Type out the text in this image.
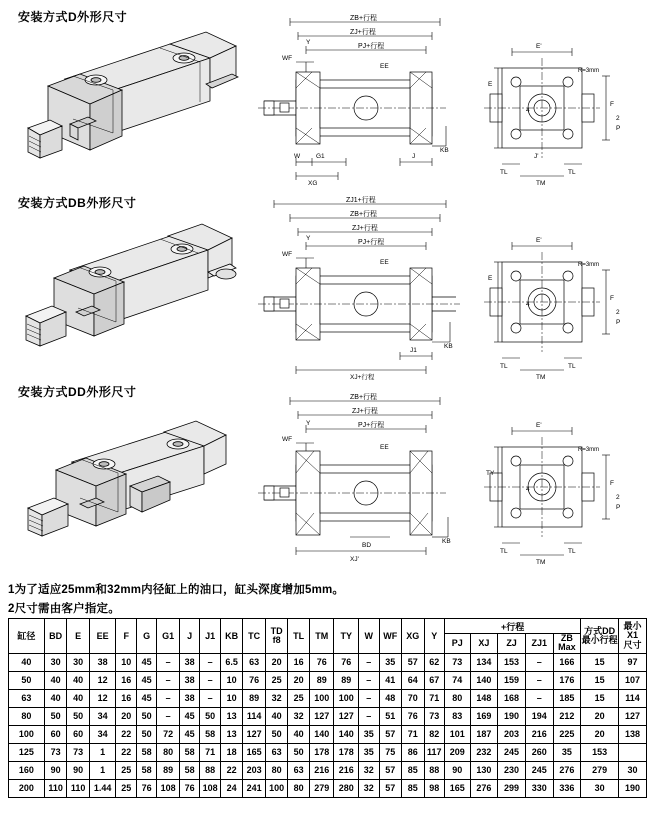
安装方式D外形尺寸
安装方式DB外形尺寸
安装方式DD外形尺寸
ZB+行程
ZJ+行程
PJ+行程
WF
Y
EE
W G1
XG
J
KB
E'
E
F
4
2
P
R=3mm
TL
J'
TM
TL
ZJ1+行程
ZB+行程
ZJ+行程
PJ+行程
WF
Y
EE
XJ+行程
J1
KB
E'
E
F
4
2
P
R=3mm
TL
TM
TL
ZB+行程
ZJ+行程
PJ+行程
WF
Y
EE
XJ'
BD
KB
E'
TY
F
4
2
P
R=3mm
TL
TM
TL
1为了适应25mm和32mm内径缸上的油口，缸头深度增加5mm。
2尺寸需由客户指定。
缸径	BD	E	EE	F	G	G1	J	J1	KB	TC	TD
f8	TL	TM	TY	W	WF	XG	Y	+行程					方式DD
最小行程	最小
X1
尺寸
																			PJ	XJ	ZJ	ZJ1	ZB
Max		
40	30	30	38	10	45	–	38	–	6.5	63	20	16	76	76	–	35	57	62	73	134	153	–	166	15	97
50	40	40	12	16	45	–	38	–	10	76	25	20	89	89	–	41	64	67	74	140	159	–	176	15	107
63	40	40	12	16	45	–	38	–	10	89	32	25	100	100	–	48	70	71	80	148	168	–	185	15	114
80	50	50	34	20	50	–	45	50	13	114	40	32	127	127	–	51	76	73	83	169	190	194	212	20	127
100	60	60	34	22	50	72	45	58	13	127	50	40	140	140	35	57	71	82	101	187	203	216	225	20	138
125	73	73	1	22	58	80	58	71	18	165	63	50	178	178	35	75	86	117	209	232	245	260	35	153	
160	90	90	1	25	58	89	58	88	22	203	80	63	216	216	32	57	85	88	90	130	230	245	276	279	30
200	110	110	1.44	25	76	108	76	108	24	241	100	80	279	280	32	57	85	98	165	276	299	330	336	30	190
